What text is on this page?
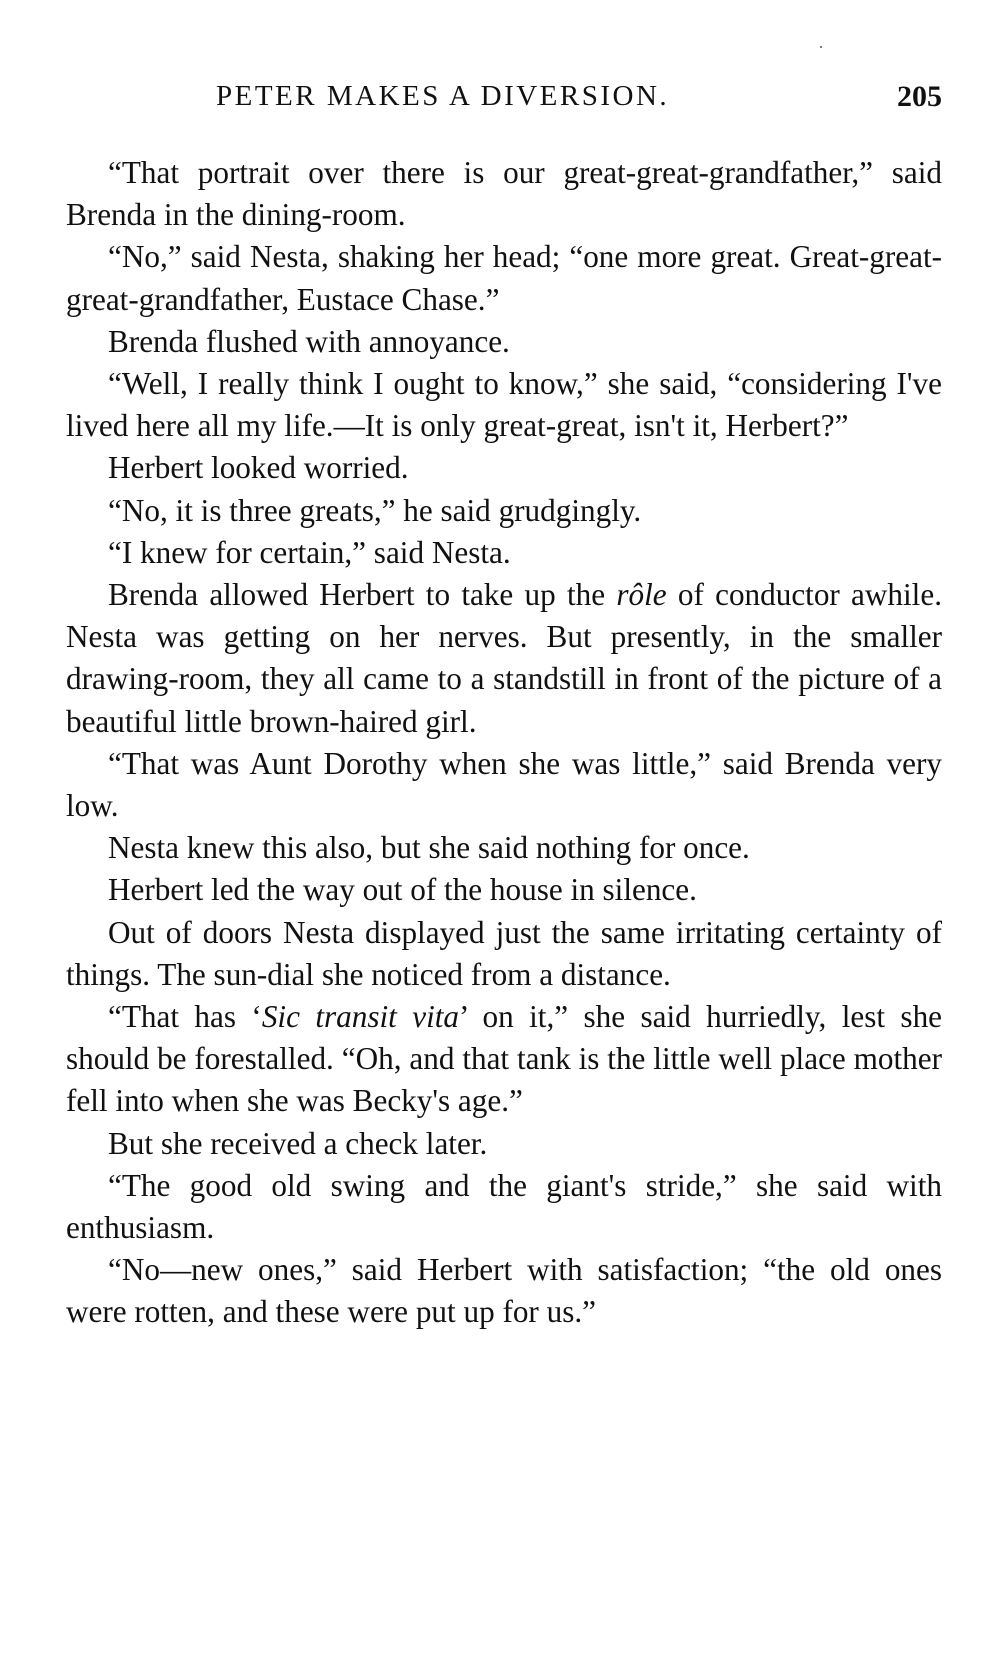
PETER MAKES A DIVERSION.	205

“That portrait over there is our great-great-grandfather,” said Brenda in the dining-room.

“No,” said Nesta, shaking her head; “one more great. Great-great-great-grandfather, Eustace Chase.”

Brenda flushed with annoyance.

“Well, I really think I ought to know,” she said, “considering I've lived here all my life.—It is only great-great, isn't it, Herbert?”

Herbert looked worried.

“No, it is three greats,” he said grudgingly.

“I knew for certain,” said Nesta.

Brenda allowed Herbert to take up the rôle of conductor awhile. Nesta was getting on her nerves. But presently, in the smaller drawing-room, they all came to a standstill in front of the picture of a beautiful little brown-haired girl.

“That was Aunt Dorothy when she was little,” said Brenda very low.

Nesta knew this also, but she said nothing for once.

Herbert led the way out of the house in silence.

Out of doors Nesta displayed just the same irritating certainty of things. The sun-dial she noticed from a distance.

“That has ‘Sic transit vita’ on it,” she said hurriedly, lest she should be forestalled. “Oh, and that tank is the little well place mother fell into when she was Becky's age.”

But she received a check later.

“The good old swing and the giant's stride,” she said with enthusiasm.

“No—new ones,” said Herbert with satisfaction; “the old ones were rotten, and these were put up for us.”
